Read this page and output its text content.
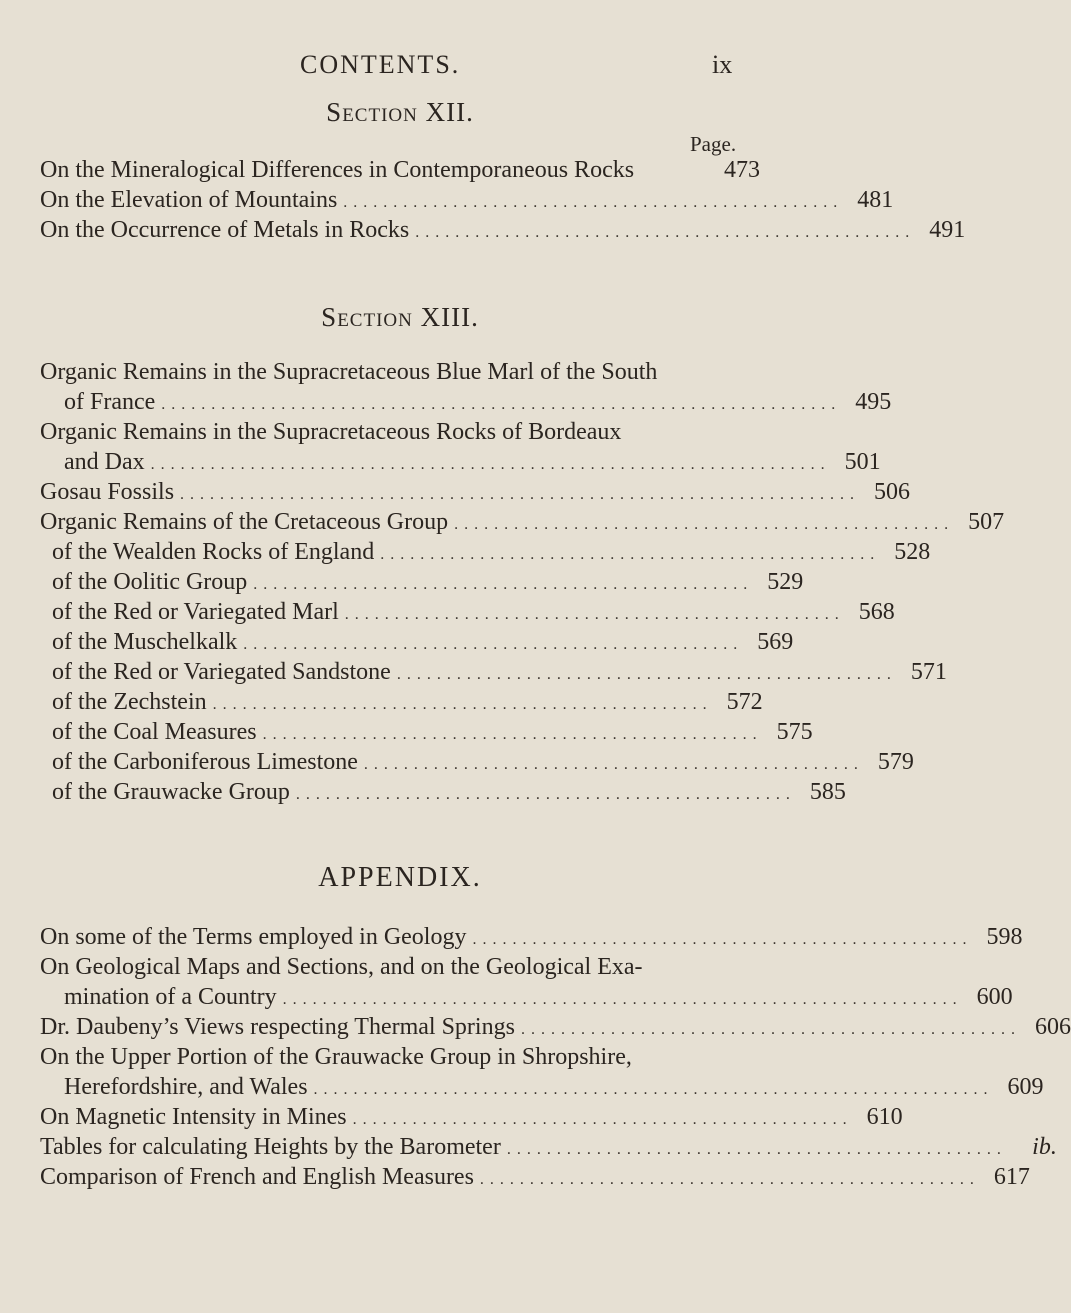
CONTENTS.	ix
Section XII.
Page.
On the Mineralogical Differences in Contemporaneous Rocks	473
On the Elevation of Mountains .................................................. 481
On the Occurrence of Metals in Rocks .................................................. 491
Section XIII.
Organic Remains in the Supracretaceous Blue Marl of the South
of France .................................................................... 495
Organic Remains in the Supracretaceous Rocks of Bordeaux
and Dax .................................................................... 501
Gosau Fossils .................................................................... 506
Organic Remains of the Cretaceous Group .................................................. 507
of the Wealden Rocks of England .................................................. 528
of the Oolitic Group .................................................. 529
of the Red or Variegated Marl .................................................. 568
of the Muschelkalk .................................................. 569
of the Red or Variegated Sandstone .................................................. 571
of the Zechstein .................................................. 572
of the Coal Measures .................................................. 575
of the Carboniferous Limestone .................................................. 579
of the Grauwacke Group .................................................. 585
APPENDIX.
On some of the Terms employed in Geology .................................................. 598
On Geological Maps and Sections, and on the Geological Exa-
mination of a Country .................................................................... 600
Dr. Daubeny’s Views respecting Thermal Springs .................................................. 606
On the Upper Portion of the Grauwacke Group in Shropshire,
Herefordshire, and Wales .................................................................... 609
On Magnetic Intensity in Mines .................................................. 610
Tables for calculating Heights by the Barometer ..................................................	ib.
Comparison of French and English Measures .................................................. 617
